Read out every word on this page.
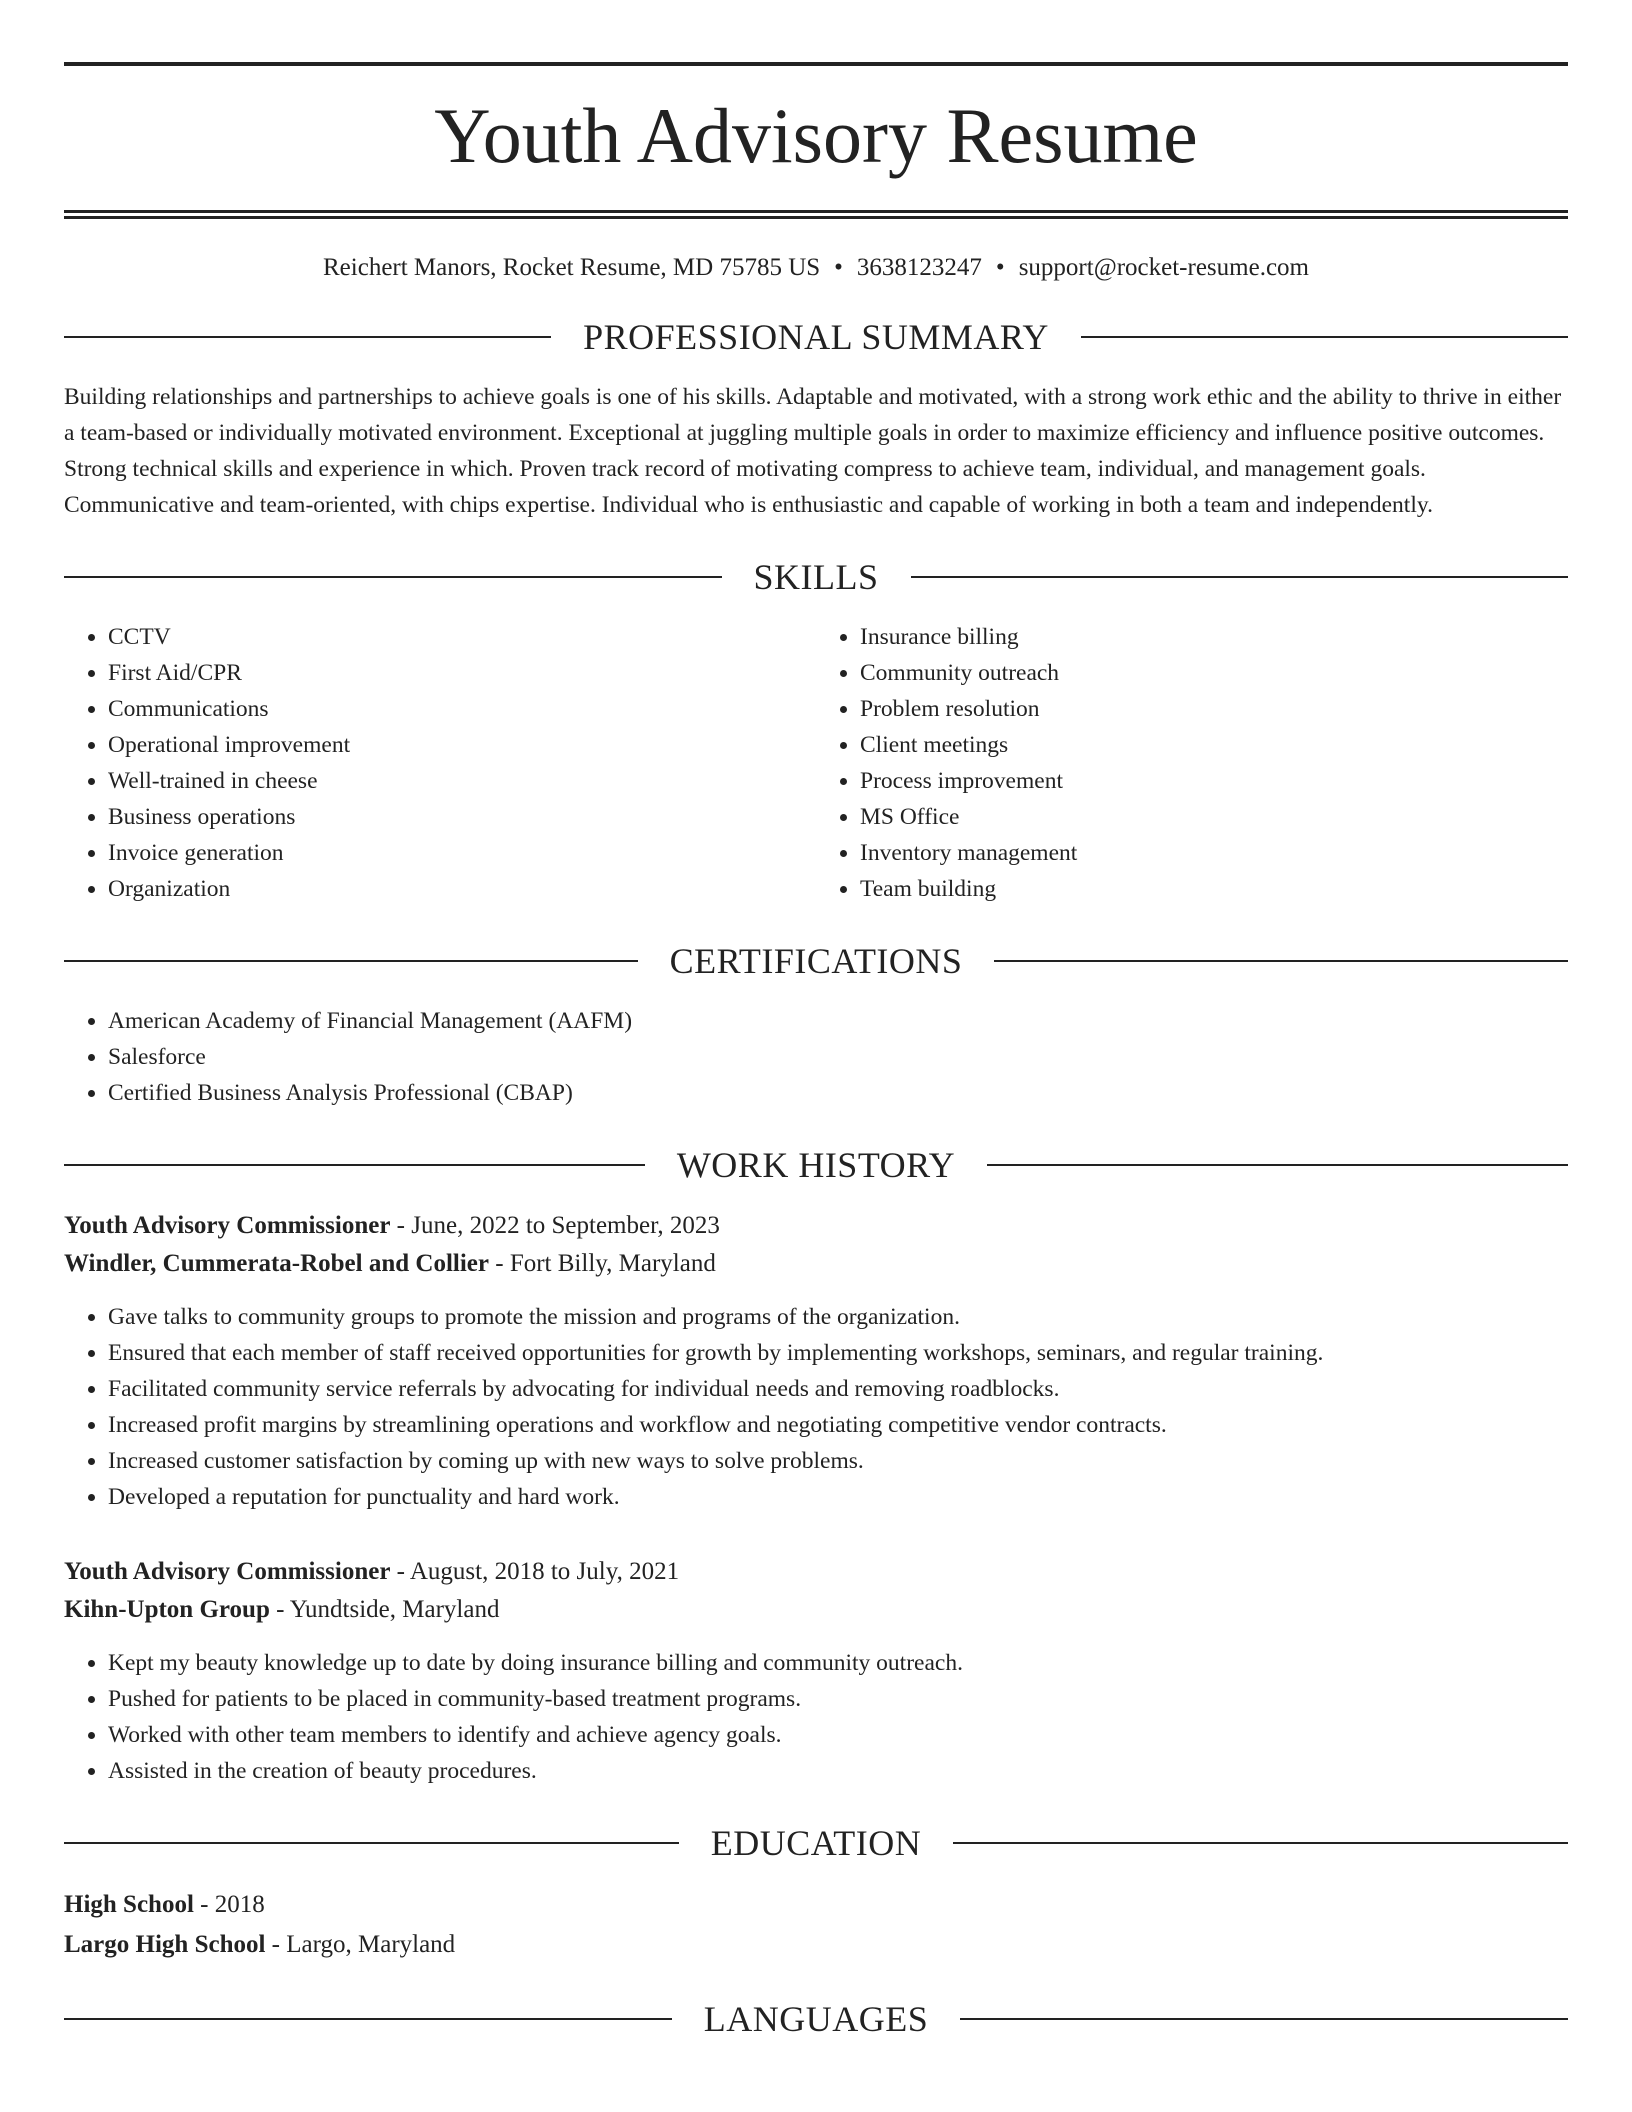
Youth Advisory Resume
Reichert Manors, Rocket Resume, MD 75785 US • 3638123247 • support@rocket-resume.com
PROFESSIONAL SUMMARY
Building relationships and partnerships to achieve goals is one of his skills. Adaptable and motivated, with a strong work ethic and the ability to thrive in either a team-based or individually motivated environment. Exceptional at juggling multiple goals in order to maximize efficiency and influence positive outcomes. Strong technical skills and experience in which. Proven track record of motivating compress to achieve team, individual, and management goals. Communicative and team-oriented, with chips expertise. Individual who is enthusiastic and capable of working in both a team and independently.
SKILLS
• CCTV
• First Aid/CPR
• Communications
• Operational improvement
• Well-trained in cheese
• Business operations
• Invoice generation
• Organization
• Insurance billing
• Community outreach
• Problem resolution
• Client meetings
• Process improvement
• MS Office
• Inventory management
• Team building
CERTIFICATIONS
• American Academy of Financial Management (AAFM)
• Salesforce
• Certified Business Analysis Professional (CBAP)
WORK HISTORY
Youth Advisory Commissioner - June, 2022 to September, 2023
Windler, Cummerata-Robel and Collier - Fort Billy, Maryland
• Gave talks to community groups to promote the mission and programs of the organization.
• Ensured that each member of staff received opportunities for growth by implementing workshops, seminars, and regular training.
• Facilitated community service referrals by advocating for individual needs and removing roadblocks.
• Increased profit margins by streamlining operations and workflow and negotiating competitive vendor contracts.
• Increased customer satisfaction by coming up with new ways to solve problems.
• Developed a reputation for punctuality and hard work.
Youth Advisory Commissioner - August, 2018 to July, 2021
Kihn-Upton Group - Yundtside, Maryland
• Kept my beauty knowledge up to date by doing insurance billing and community outreach.
• Pushed for patients to be placed in community-based treatment programs.
• Worked with other team members to identify and achieve agency goals.
• Assisted in the creation of beauty procedures.
EDUCATION
High School - 2018
Largo High School - Largo, Maryland
LANGUAGES
